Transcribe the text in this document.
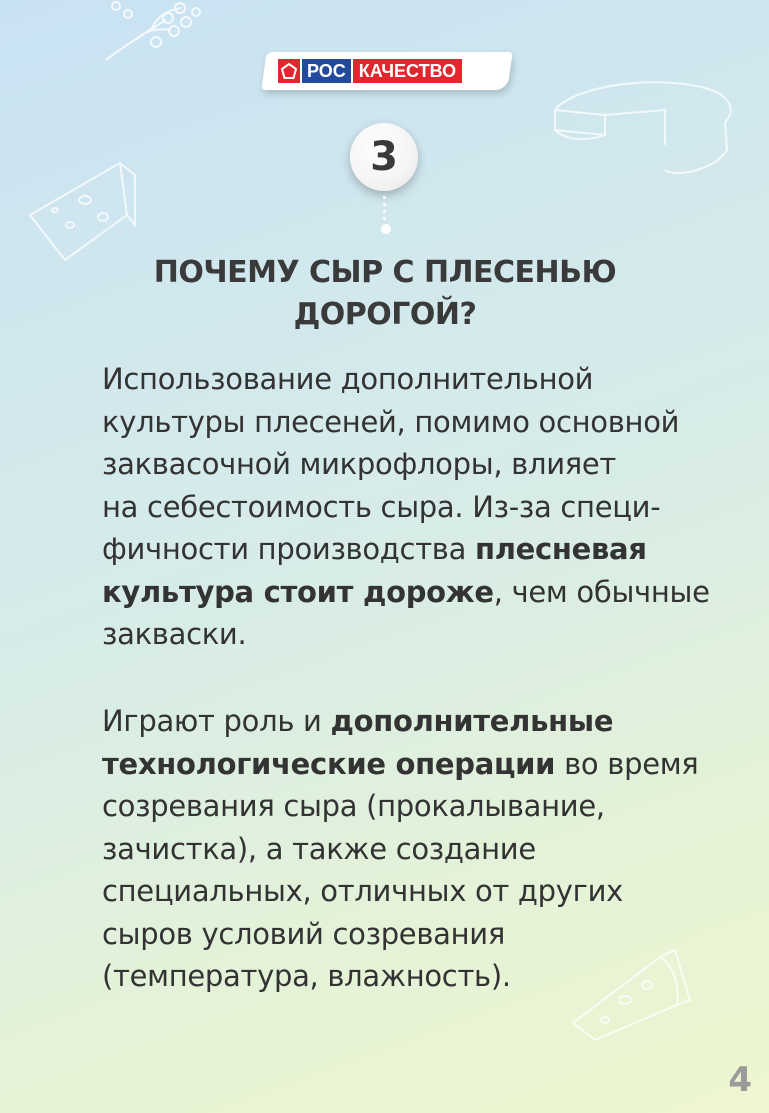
РОС КАЧЕСТВО
3
ПОЧЕМУ СЫР С ПЛЕСЕНЬЮ
ДОРОГОЙ?
Использование дополнительной
культуры плесеней, помимо основной
заквасочной микрофлоры, влияет
на себестоимость сыра. Из-за специ-
фичности производства плесневая
культура стоит дороже, чем обычные
закваски.
Играют роль и дополнительные
технологические операции во время
созревания сыра (прокалывание,
зачистка), а также создание
специальных, отличных от других
сыров условий созревания
(температура, влажность).
4
